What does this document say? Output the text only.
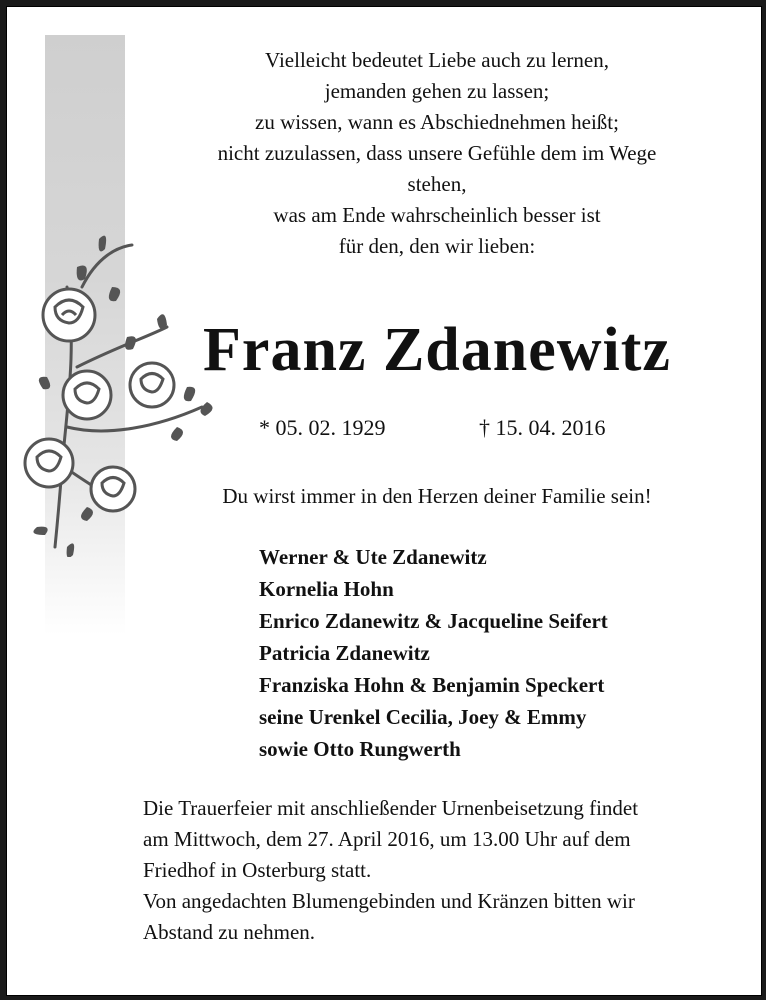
Vielleicht bedeutet Liebe auch zu lernen,
jemanden gehen zu lassen;
zu wissen, wann es Abschiednehmen heißt;
nicht zuzulassen, dass unsere Gefühle dem im Wege
stehen,
was am Ende wahrscheinlich besser ist
für den, den wir lieben:
Franz Zdanewitz
* 05. 02. 1929	† 15. 04. 2016
Du wirst immer in den Herzen deiner Familie sein!
Werner & Ute Zdanewitz
Kornelia Hohn
Enrico Zdanewitz & Jacqueline Seifert
Patricia Zdanewitz
Franziska Hohn & Benjamin Speckert
seine Urenkel Cecilia, Joey & Emmy
sowie Otto Rungwerth
Die Trauerfeier mit anschließender Urnenbeisetzung findet
am Mittwoch, dem 27. April 2016, um 13.00 Uhr auf dem
Friedhof in Osterburg statt.
Von angedachten Blumengebinden und Kränzen bitten wir
Abstand zu nehmen.
